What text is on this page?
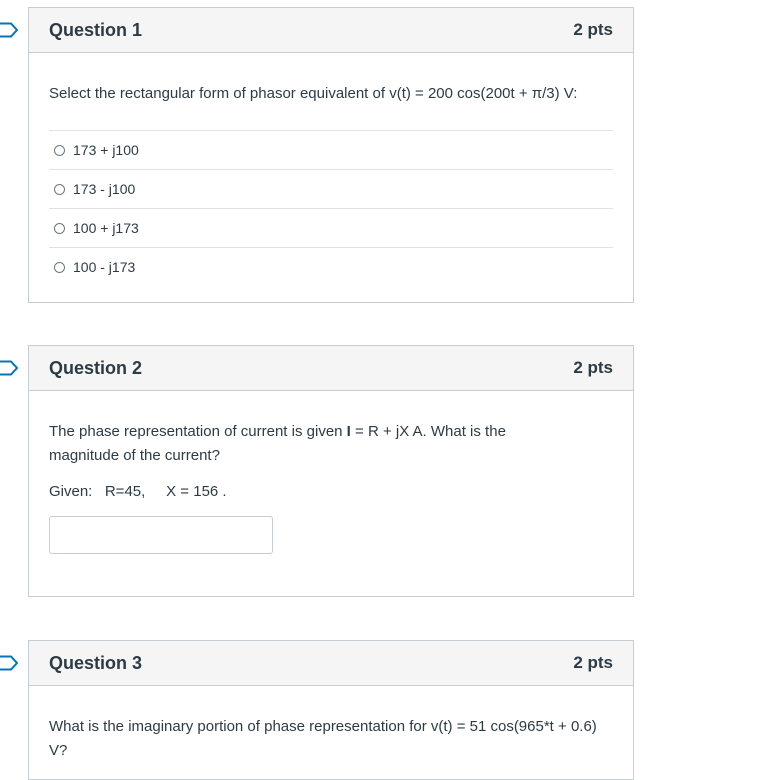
Question 1	2 pts
Select the rectangular form of phasor equivalent of v(t) = 200 cos(200t + π/3) V:
173 + j100
173 - j100
100 + j173
100 - j173
Question 2	2 pts
The phase representation of current is given I = R + jX A. What is the magnitude of the current?
Given:   R=45,     X = 156 .
Question 3	2 pts
What is the imaginary portion of phase representation for v(t) = 51 cos(965*t + 0.6) V?
